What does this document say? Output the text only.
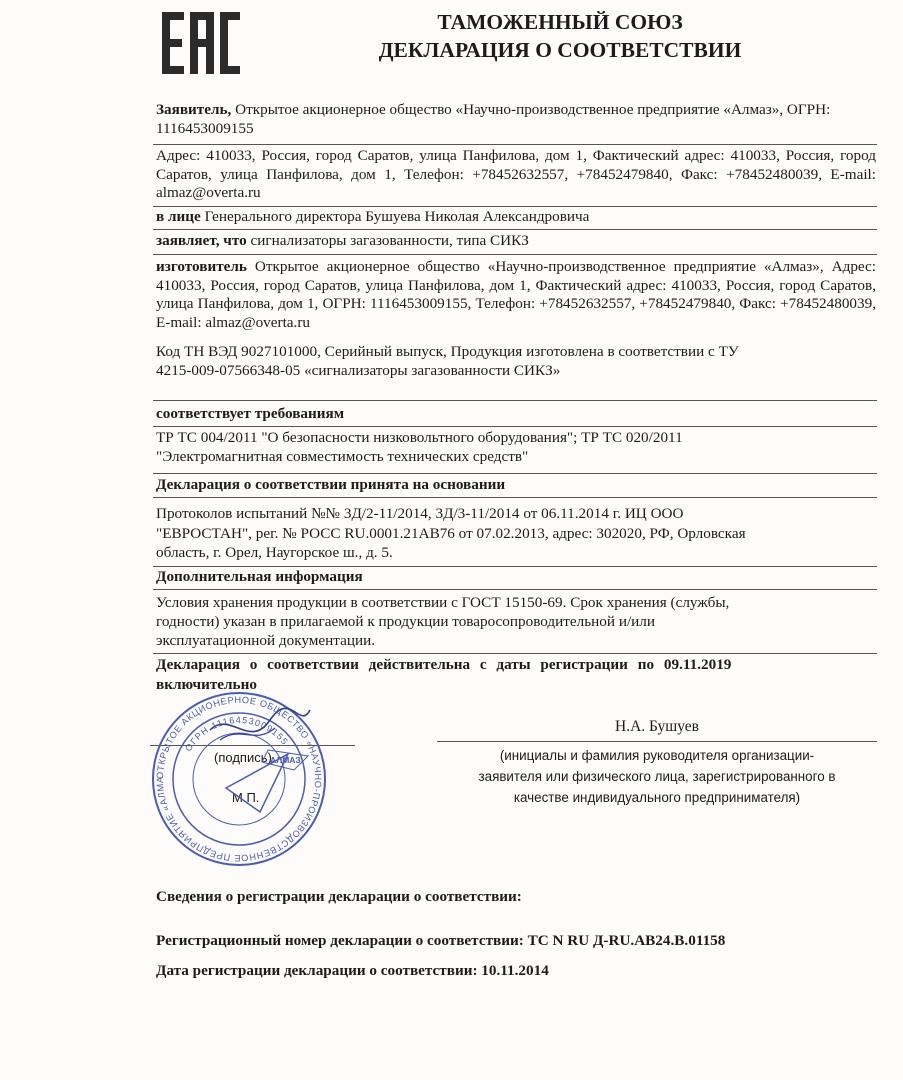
ТАМОЖЕННЫЙ СОЮЗ
ДЕКЛАРАЦИЯ О СООТВЕТСТВИИ
Заявитель, Открытое акционерное общество «Научно-производственное предприятие «Алмаз», ОГРН: 1116453009155
Адрес: 410033, Россия, город Саратов, улица Панфилова, дом 1, Фактический адрес: 410033, Россия, город Саратов, улица Панфилова, дом 1, Телефон: +78452632557, +78452479840, Факс: +78452480039, E-mail: almaz@overta.ru
в лице Генерального директора Бушуева Николая Александровича
заявляет, что сигнализаторы загазованности, типа СИКЗ
изготовитель Открытое акционерное общество «Научно-производственное предприятие «Алмаз», Адрес: 410033, Россия, город Саратов, улица Панфилова, дом 1, Фактический адрес: 410033, Россия, город Саратов, улица Панфилова, дом 1, ОГРН: 1116453009155, Телефон: +78452632557, +78452479840, Факс: +78452480039, E-mail: almaz@overta.ru
Код ТН ВЭД 9027101000, Серийный выпуск, Продукция изготовлена в соответствии с ТУ
4215-009-07566348-05 «сигнализаторы загазованности СИКЗ»
соответствует требованиям
ТР ТС 004/2011 "О безопасности низковольтного оборудования"; ТР ТС 020/2011
"Электромагнитная совместимость технических средств"
Декларация о соответствии принята на основании
Протоколов испытаний №№ 3Д/2-11/2014, 3Д/3-11/2014 от 06.11.2014 г. ИЦ ООО
"ЕВРОСТАН", рег. № РОСС RU.0001.21АВ76 от 07.02.2013, адрес: 302020, РФ, Орловская
область, г. Орел, Наугорское ш., д. 5.
Дополнительная информация
Условия хранения продукции в соответствии с ГОСТ 15150-69. Срок хранения (службы,
годности) указан в прилагаемой к продукции товаросопроводительной и/или
эксплуатационной документации.
Декларация о соответствии действительна с даты регистрации по 09.11.2019
включительно
Н.А. Бушуев
(подпись)
М.П.
(инициалы и фамилия руководителя организации-
заявителя или физического лица, зарегистрированного в
качестве индивидуального предпринимателя)
ОТКРЫТОЕ АКЦИОНЕРНОЕ ОБЩЕСТВО «НАУЧНО-ПРОИЗВОДСТВЕННОЕ ПРЕДПРИЯТИЕ «АЛМА
ОГРН 1116453009155
АЛМАЗ
Сведения о регистрации декларации о соответствии:
Регистрационный номер декларации о соответствии: ТС N RU Д-RU.АВ24.В.01158
Дата регистрации декларации о соответствии: 10.11.2014
